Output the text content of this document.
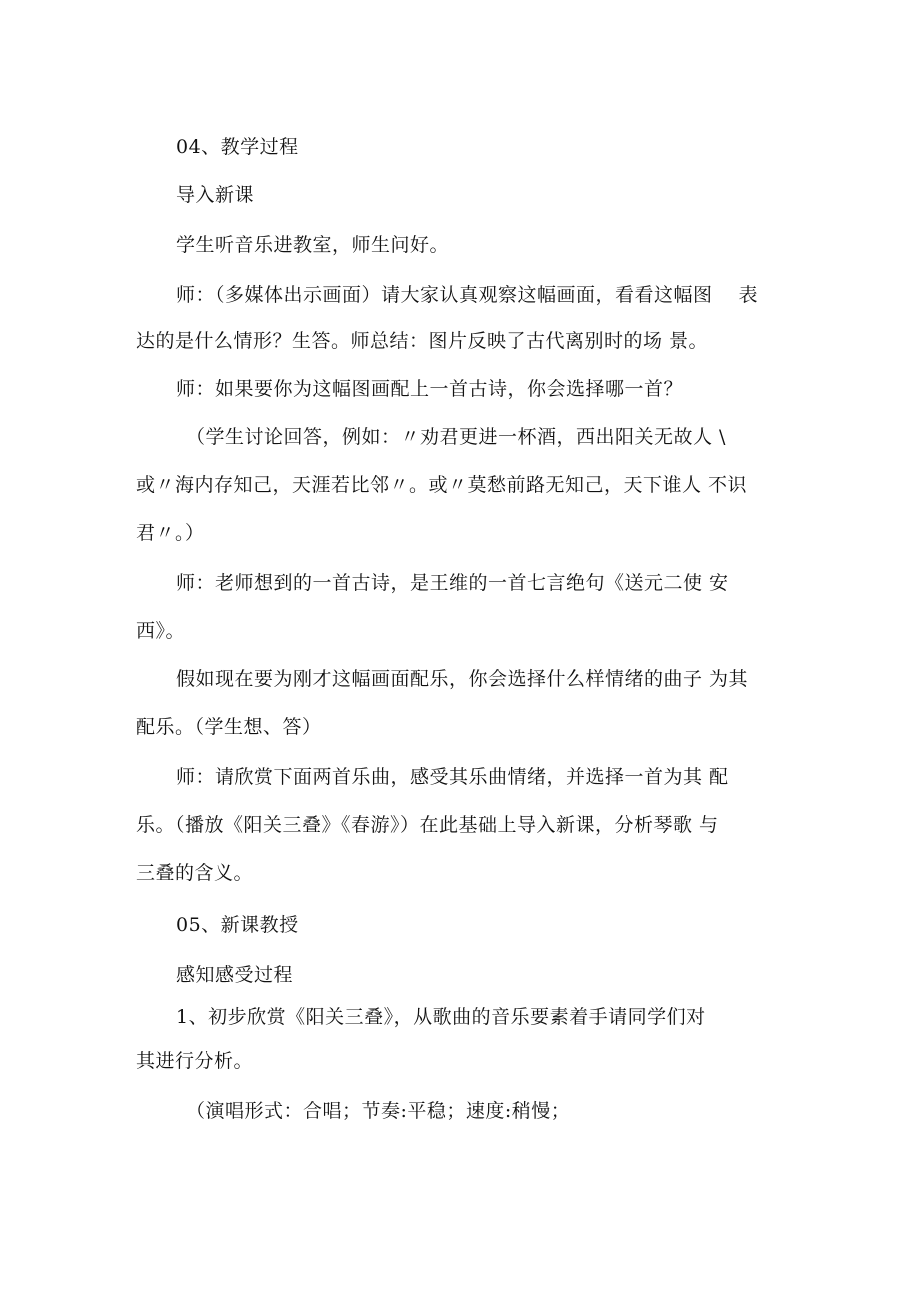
04、教学过程
导入新课
学生听音乐进教室，师生问好。
师：（多媒体出示画面）请大家认真观察这幅画面，看看这幅图　 表
达的是什么情形？生答。师总结：图片反映了古代离别时的场 景。
师：如果要你为这幅图画配上一首古诗，你会选择哪一首？
（学生讨论回答，例如：〃劝君更进一杯酒，西出阳关无故人 \
或〃海内存知己，天涯若比邻〃。或〃莫愁前路无知己，天下谁人 不识
君〃。）
师：老师想到的一首古诗，是王维的一首七言绝句《送元二使 安
西》。
假如现在要为刚才这幅画面配乐，你会选择什么样情绪的曲子 为其
配乐。（学生想、答）
师：请欣赏下面两首乐曲，感受其乐曲情绪，并选择一首为其 配
乐。（播放《阳关三叠》《春游》）在此基础上导入新课，分析琴歌 与
三叠的含义。
05、新课教授
感知感受过程
1、初步欣赏《阳关三叠》，从歌曲的音乐要素着手请同学们对
其进行分析。
（演唱形式：合唱；节奏:平稳；速度:稍慢；
